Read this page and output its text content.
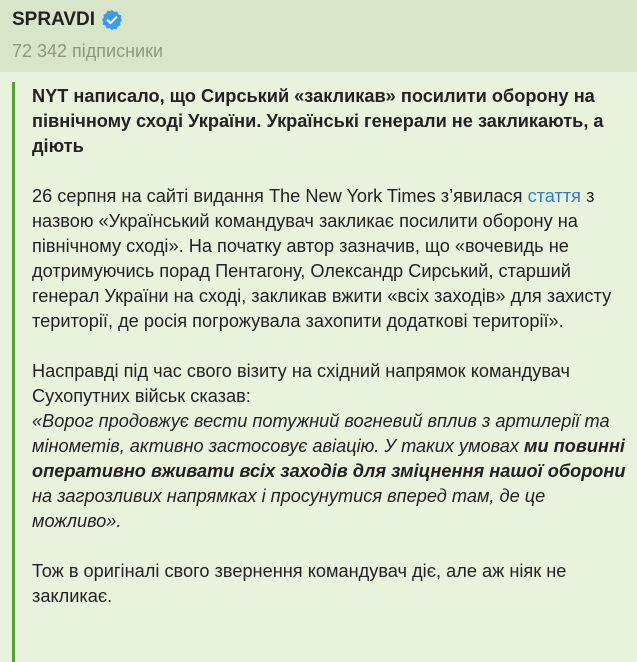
SPRAVDI
72 342 підписники

NYT написало, що Сирський «закликав» посилити оборону на північному сході України. Українські генерали не закликають, а діють

26 серпня на сайті видання The New York Times з’явилася стаття з назвою «Український командувач закликає посилити оборону на північному сході». На початку автор зазначив, що «вочевидь не дотримуючись порад Пентагону, Олександр Сирський, старший генерал України на сході, закликав вжити «всіх заходів» для захисту території, де росія погрожувала захопити додаткові території».

Насправді під час свого візиту на східний напрямок командувач Сухопутних військ сказав:

«Ворог продовжує вести потужний вогневий вплив з артилерії та мінометів, активно застосовує авіацію. У таких умовах ми повинні оперативно вживати всіх заходів для зміцнення нашої оборони на загрозливих напрямках і просунутися вперед там, де це можливо».

Тож в оригіналі свого звернення командувач діє, але аж ніяк не закликає.
